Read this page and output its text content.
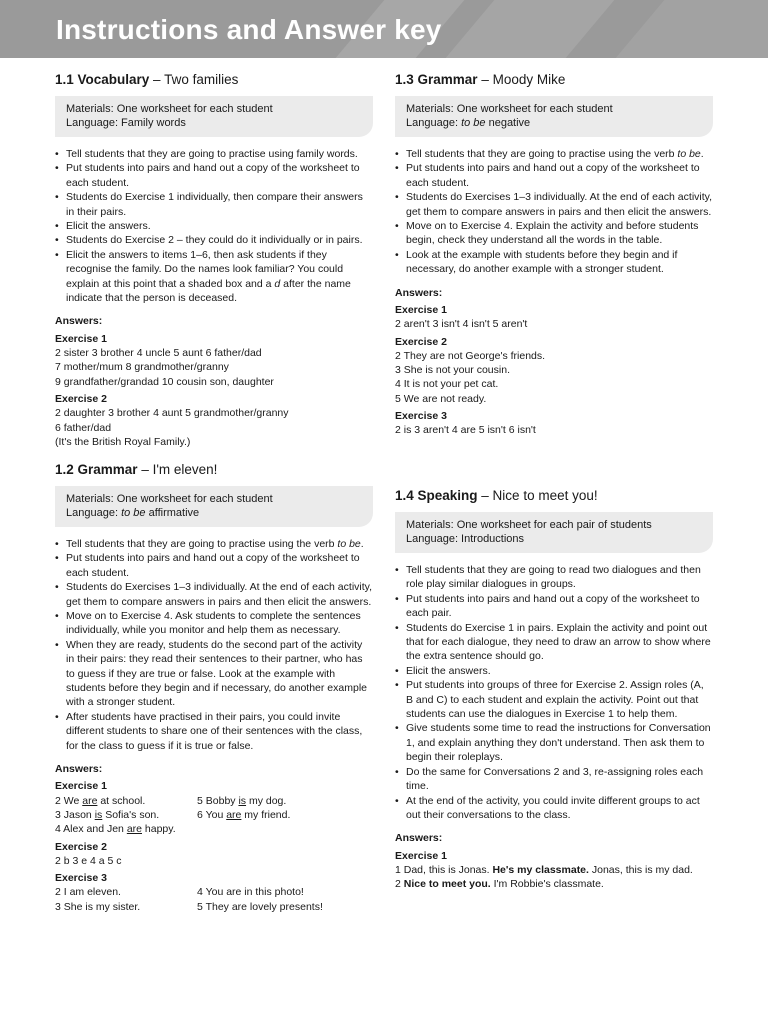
Instructions and Answer key
1.1 Vocabulary – Two families
Materials: One worksheet for each student
Language: Family words
• Tell students that they are going to practise using family words.
• Put students into pairs and hand out a copy of the worksheet to each student.
• Students do Exercise 1 individually, then compare their answers in their pairs.
• Elicit the answers.
• Students do Exercise 2 – they could do it individually or in pairs.
• Elicit the answers to items 1–6, then ask students if they recognise the family. Do the names look familiar? You could explain at this point that a shaded box and a d after the name indicate that the person is deceased.
Answers:
Exercise 1
2 sister 3 brother 4 uncle 5 aunt 6 father/dad
7 mother/mum 8 grandmother/granny
9 grandfather/grandad 10 cousin son, daughter
Exercise 2
2 daughter 3 brother 4 aunt 5 grandmother/granny
6 father/dad
(It's the British Royal Family.)
1.2 Grammar – I'm eleven!
Materials: One worksheet for each student
Language: to be affirmative
• Tell students that they are going to practise using the verb to be.
• Put students into pairs and hand out a copy of the worksheet to each student.
• Students do Exercises 1–3 individually. At the end of each activity, get them to compare answers in pairs and then elicit the answers.
• Move on to Exercise 4. Ask students to complete the sentences individually, while you monitor and help them as necessary.
• When they are ready, students do the second part of the activity in their pairs: they read their sentences to their partner, who has to guess if they are true or false. Look at the example with students before they begin and if necessary, do another example with a stronger student.
• After students have practised in their pairs, you could invite different students to share one of their sentences with the class, for the class to guess if it is true or false.
Answers:
Exercise 1
2 We are at school.
3 Jason is Sofia's son.
4 Alex and Jen are happy.
5 Bobby is my dog.
6 You are my friend.
Exercise 2
2 b 3 e 4 a 5 c
Exercise 3
2 I am eleven.
3 She is my sister.
4 You are in this photo!
5 They are lovely presents!
1.3 Grammar – Moody Mike
Materials: One worksheet for each student
Language: to be negative
• Tell students that they are going to practise using the verb to be.
• Put students into pairs and hand out a copy of the worksheet to each student.
• Students do Exercises 1–3 individually. At the end of each activity, get them to compare answers in pairs and then elicit the answers.
• Move on to Exercise 4. Explain the activity and before students begin, check they understand all the words in the table.
• Look at the example with students before they begin and if necessary, do another example with a stronger student.
Answers:
Exercise 1
2 aren't 3 isn't 4 isn't 5 aren't
Exercise 2
2 They are not George's friends.
3 She is not your cousin.
4 It is not your pet cat.
5 We are not ready.
Exercise 3
2 is 3 aren't 4 are 5 isn't 6 isn't
1.4 Speaking – Nice to meet you!
Materials: One worksheet for each pair of students
Language: Introductions
• Tell students that they are going to read two dialogues and then role play similar dialogues in groups.
• Put students into pairs and hand out a copy of the worksheet to each pair.
• Students do Exercise 1 in pairs. Explain the activity and point out that for each dialogue, they need to draw an arrow to show where the extra sentence should go.
• Elicit the answers.
• Put students into groups of three for Exercise 2. Assign roles (A, B and C) to each student and explain the activity. Point out that students can use the dialogues in Exercise 1 to help them.
• Give students some time to read the instructions for Conversation 1, and explain anything they don't understand. Then ask them to begin their roleplays.
• Do the same for Conversations 2 and 3, re-assigning roles each time.
• At the end of the activity, you could invite different groups to act out their conversations to the class.
Answers:
Exercise 1
1 Dad, this is Jonas. He's my classmate. Jonas, this is my dad.
2 Nice to meet you. I'm Robbie's classmate.
